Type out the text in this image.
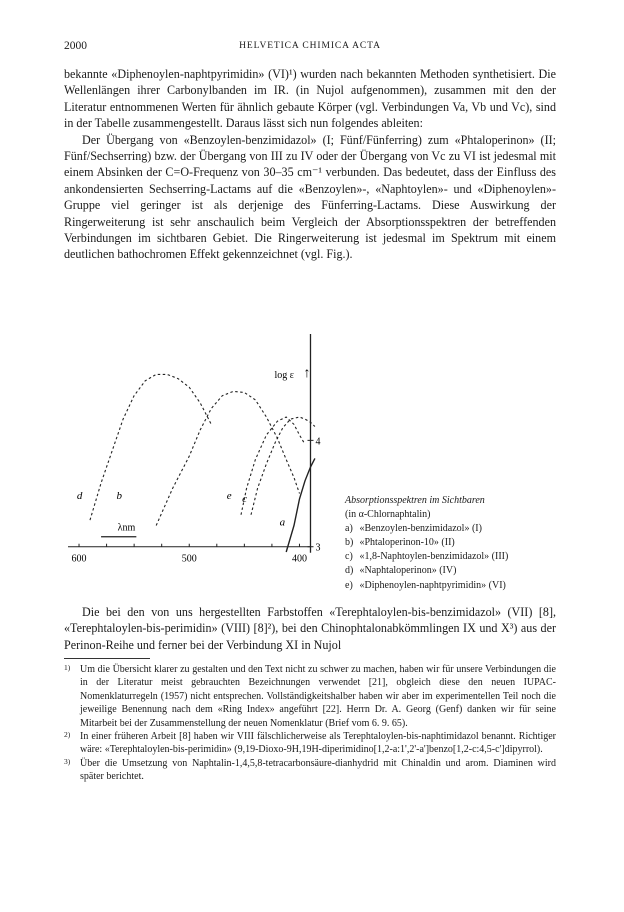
2000	HELVETICA CHIMICA ACTA

bekannte «Diphenoylen-naphtpyrimidin» (VI)¹) wurden nach bekannten Methoden synthetisiert. Die Wellenlängen ihrer Carbonylbanden im IR. (in Nujol aufgenommen), zusammen mit den der Literatur entnommenen Werten für ähnlich gebaute Körper (vgl. Verbindungen Va, Vb und Vc), sind in der Tabelle zusammengestellt. Daraus lässt sich nun folgendes ableiten:

Der Übergang von «Benzoylen-benzimidazol» (I; Fünf/Fünferring) zum «Phtaloperinon» (II; Fünf/Sechserring) bzw. der Übergang von III zu IV oder der Übergang von Vc zu VI ist jedesmal mit einem Absinken der C=O-Frequenz von 30–35 cm⁻¹ verbunden. Das bedeutet, dass der Einfluss des ankondensierten Sechserring-Lactams auf die «Benzoylen»-, «Naphtoylen»- und «Diphenoylen»-Gruppe viel geringer ist als derjenige des Fünferring-Lactams. Diese Auswirkung der Ringerweiterung ist sehr anschaulich beim Vergleich der Absorptionsspektren der betreffenden Verbindungen im sichtbaren Gebiet. Die Ringerweiterung ist jedesmal im Spektrum mit einem deutlichen bathochromen Effekt gekennzeichnet (vgl. Fig.).

600	500	400
3
4
log ε ↑
λnm	a
b	c
d	e	Absorptionsspektren im Sichtbaren
(in α-Chlornaphtalin)
a) «Benzoylen-benzimidazol» (I)
b) «Phtaloperinon-10» (II)
c) «1,8-Naphtoylen-benzimidazol» (III)
d) «Naphtaloperinon» (IV)
e) «Diphenoylen-naphtpyrimidin» (VI)

Die bei den von uns hergestellten Farbstoffen «Terephtaloylen-bis-benzimidazol» (VII) [8], «Terephtaloylen-bis-perimidin» (VIII) [8]²), bei den Chinophtalonabkömmlingen IX und X³) aus der Perinon-Reihe und ferner bei der Verbindung XI in Nujol

1) Um die Übersicht klarer zu gestalten und den Text nicht zu schwer zu machen, haben wir für unsere Verbindungen die in der Literatur meist gebrauchten Bezeichnungen verwendet [21], obgleich diese den neuen IUPAC-Nomenklaturregeln (1957) nicht entsprechen. Vollständigkeitshalber haben wir aber im experimentellen Teil noch die jeweilige Benennung nach dem «Ring Index» angeführt [22]. Herrn Dr. A. Georg (Genf) danken wir für seine Mitarbeit bei der Zusammenstellung der neuen Nomenklatur (Brief vom 6. 9. 65).

2) In einer früheren Arbeit [8] haben wir VIII fälschlicherweise als Terephtaloylen-bis-naphtimidazol benannt. Richtiger wäre: «Terephtaloylen-bis-perimidin» (9,19-Dioxo-9H,19H-diperimidino[1,2-a:1',2'-a']benzo[1,2-c:4,5-c']dipyrrol).

3) Über die Umsetzung von Naphtalin-1,4,5,8-tetracarbonsäure-dianhydrid mit Chinaldin und arom. Diaminen wird später berichtet.
